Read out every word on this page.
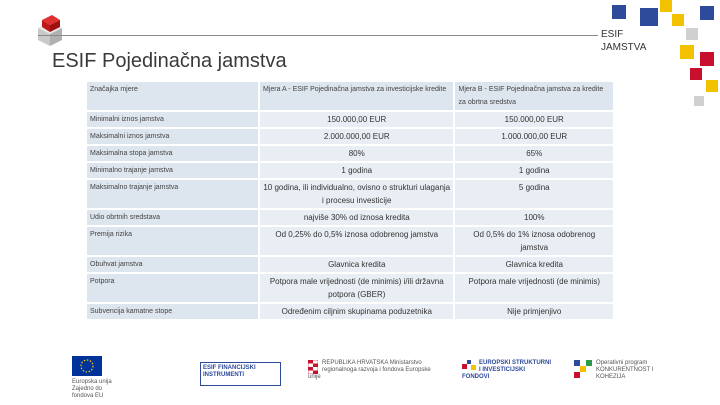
ESIF
JAMSTVA
ESIF Pojedinačna jamstva
Značajka mjere	Mjera A - ESIF Pojedinačna jamstva za investicijske kredite	Mjera B - ESIF Pojedinačna jamstva za kredite za obrtna sredstva
Minimalni iznos jamstva	150.000,00 EUR	150.000,00 EUR
Maksimalni iznos jamstva	2.000.000,00 EUR	1.000.000,00 EUR
Maksimalna stopa jamstva	80%	65%
Minimalno trajanje jamstva	1 godina	1 godina
Maksimalno trajanje jamstva	10 godina, ili individualno, ovisno o strukturi ulaganja i procesu investicije	5 godina
Udio obrtnih sredstava	najviše 30% od iznosa kredita	100%
Premija rizika	Od 0,25% do 0,5% iznosa odobrenog jamstva	Od 0,5% do 1% iznosa odobrenog jamstva
Obuhvat jamstva	Glavnica kredita	Glavnica kredita
Potpora	Potpora male vrijednosti (de minimis) i/ili državna potpora (GBER)	Potpora male vrijednosti (de minimis)
Subvencija kamatne stope	Određenim ciljnim skupinama poduzetnika	Nije primjenjivo
Europska unija Zajedno do fondova EU
ESIF FINANCIJSKI INSTRUMENTI
REPUBLIKA HRVATSKA Ministarstvo regionalnoga razvoja i fondova Europske unije
EUROPSKI STRUKTURNI I INVESTICIJSKI FONDOVI
Operativni program KONKURENTNOST I KOHEZIJA
